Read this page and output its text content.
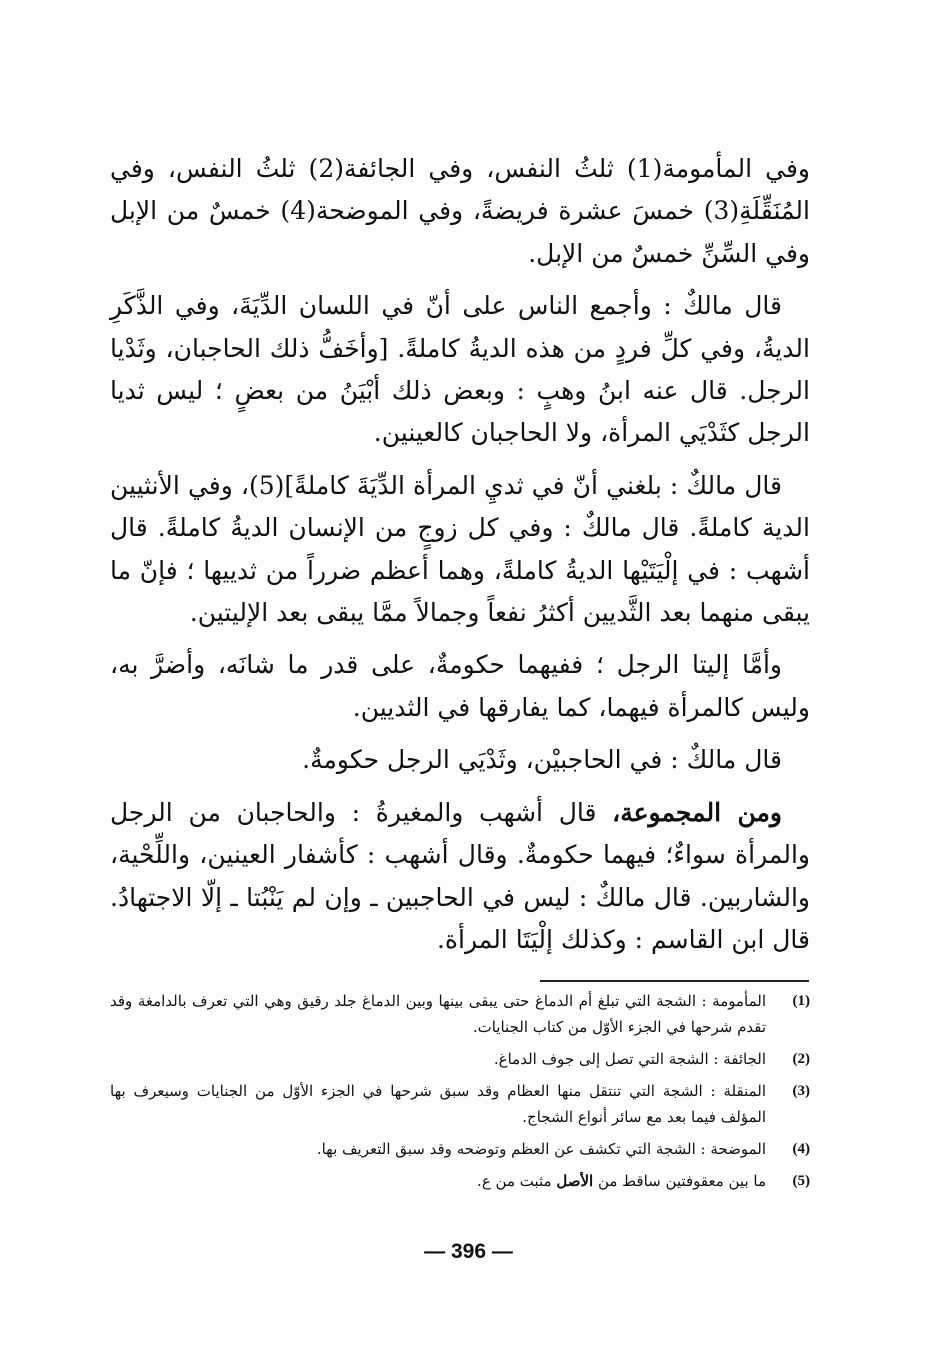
وفي المأمومة(1) ثلثُ النفس، وفي الجائفة(2) ثلثُ النفس، وفي المُنَقِّلَةِ(3) خمسَ عشرة فريضةً، وفي الموضحة(4) خمسٌ من الإبل وفي السِّنِّ خمسٌ من الإبل.

قال مالكٌ : وأجمع الناس على أنّ في اللسان الدِّيَةَ، وفي الذَّكَرِ الديةُ، وفي كلِّ فردٍ من هذه الديةُ كاملةً. [وأخَفُّ ذلك الحاجبان، وثَدْيا الرجل. قال عنه ابنُ وهبٍ : وبعض ذلك أبْيَنُ من بعضٍ ؛ ليس ثديا الرجل كثَدْيَي المرأة، ولا الحاجبان كالعينين.

قال مالكٌ : بلغني أنّ في ثديِ المرأة الدِّيَةَ كاملةً](5)، وفي الأنثيين الدية كاملةً. قال مالكٌ : وفي كل زوجٍ من الإنسان الديةُ كاملةً. قال أشهب : في إلْيَتَيْها الديةُ كاملةً، وهما أعظم ضرراً من ثدييها ؛ فإنّ ما يبقى منهما بعد الثَّديين أكثرُ نفعاً وجمالاً ممَّا يبقى بعد الإليتين.

وأمَّا إليتا الرجل ؛ ففيهما حكومةٌ، على قدر ما شانَه، وأضرَّ به، وليس كالمرأة فيهما، كما يفارقها في الثديين.

قال مالكٌ : في الحاجبيْن، وثَدْيَي الرجل حكومةٌ.

ومن المجموعة، قال أشهب والمغيرةُ : والحاجبان من الرجل والمرأة سواءٌ؛ فيهما حكومةٌ. وقال أشهب : كأشفار العينين، واللِّحْية، والشاربين. قال مالكٌ : ليس في الحاجبين ـ وإن لم يَنْبُتا ـ إلّا الاجتهادُ. قال ابن القاسم : وكذلك إلْيَتَا المرأة.

(1)
المأمومة : الشجة التي تبلغ أم الدماغ حتى يبقى بينها وبين الدماغ جلد رقيق وهي التي تعرف بالدامغة وقد تقدم شرحها في الجزء الأوّل من كتاب الجنايات.
(2)
الجائفة : الشجة التي تصل إلى جوف الدماغ.
(3)
المنقلة : الشجة التي تنتقل منها العظام وقد سبق شرحها في الجزء الأوّل من الجنايات وسيعرف بها المؤلف فيما بعد مع سائر أنواع الشجاج.
(4)
الموضحة : الشجة التي تكشف عن العظم وتوضحه وقد سبق التعريف بها.
(5)
ما بين معقوفتين ساقط من الأصل مثبت من ع.
— 396 —
